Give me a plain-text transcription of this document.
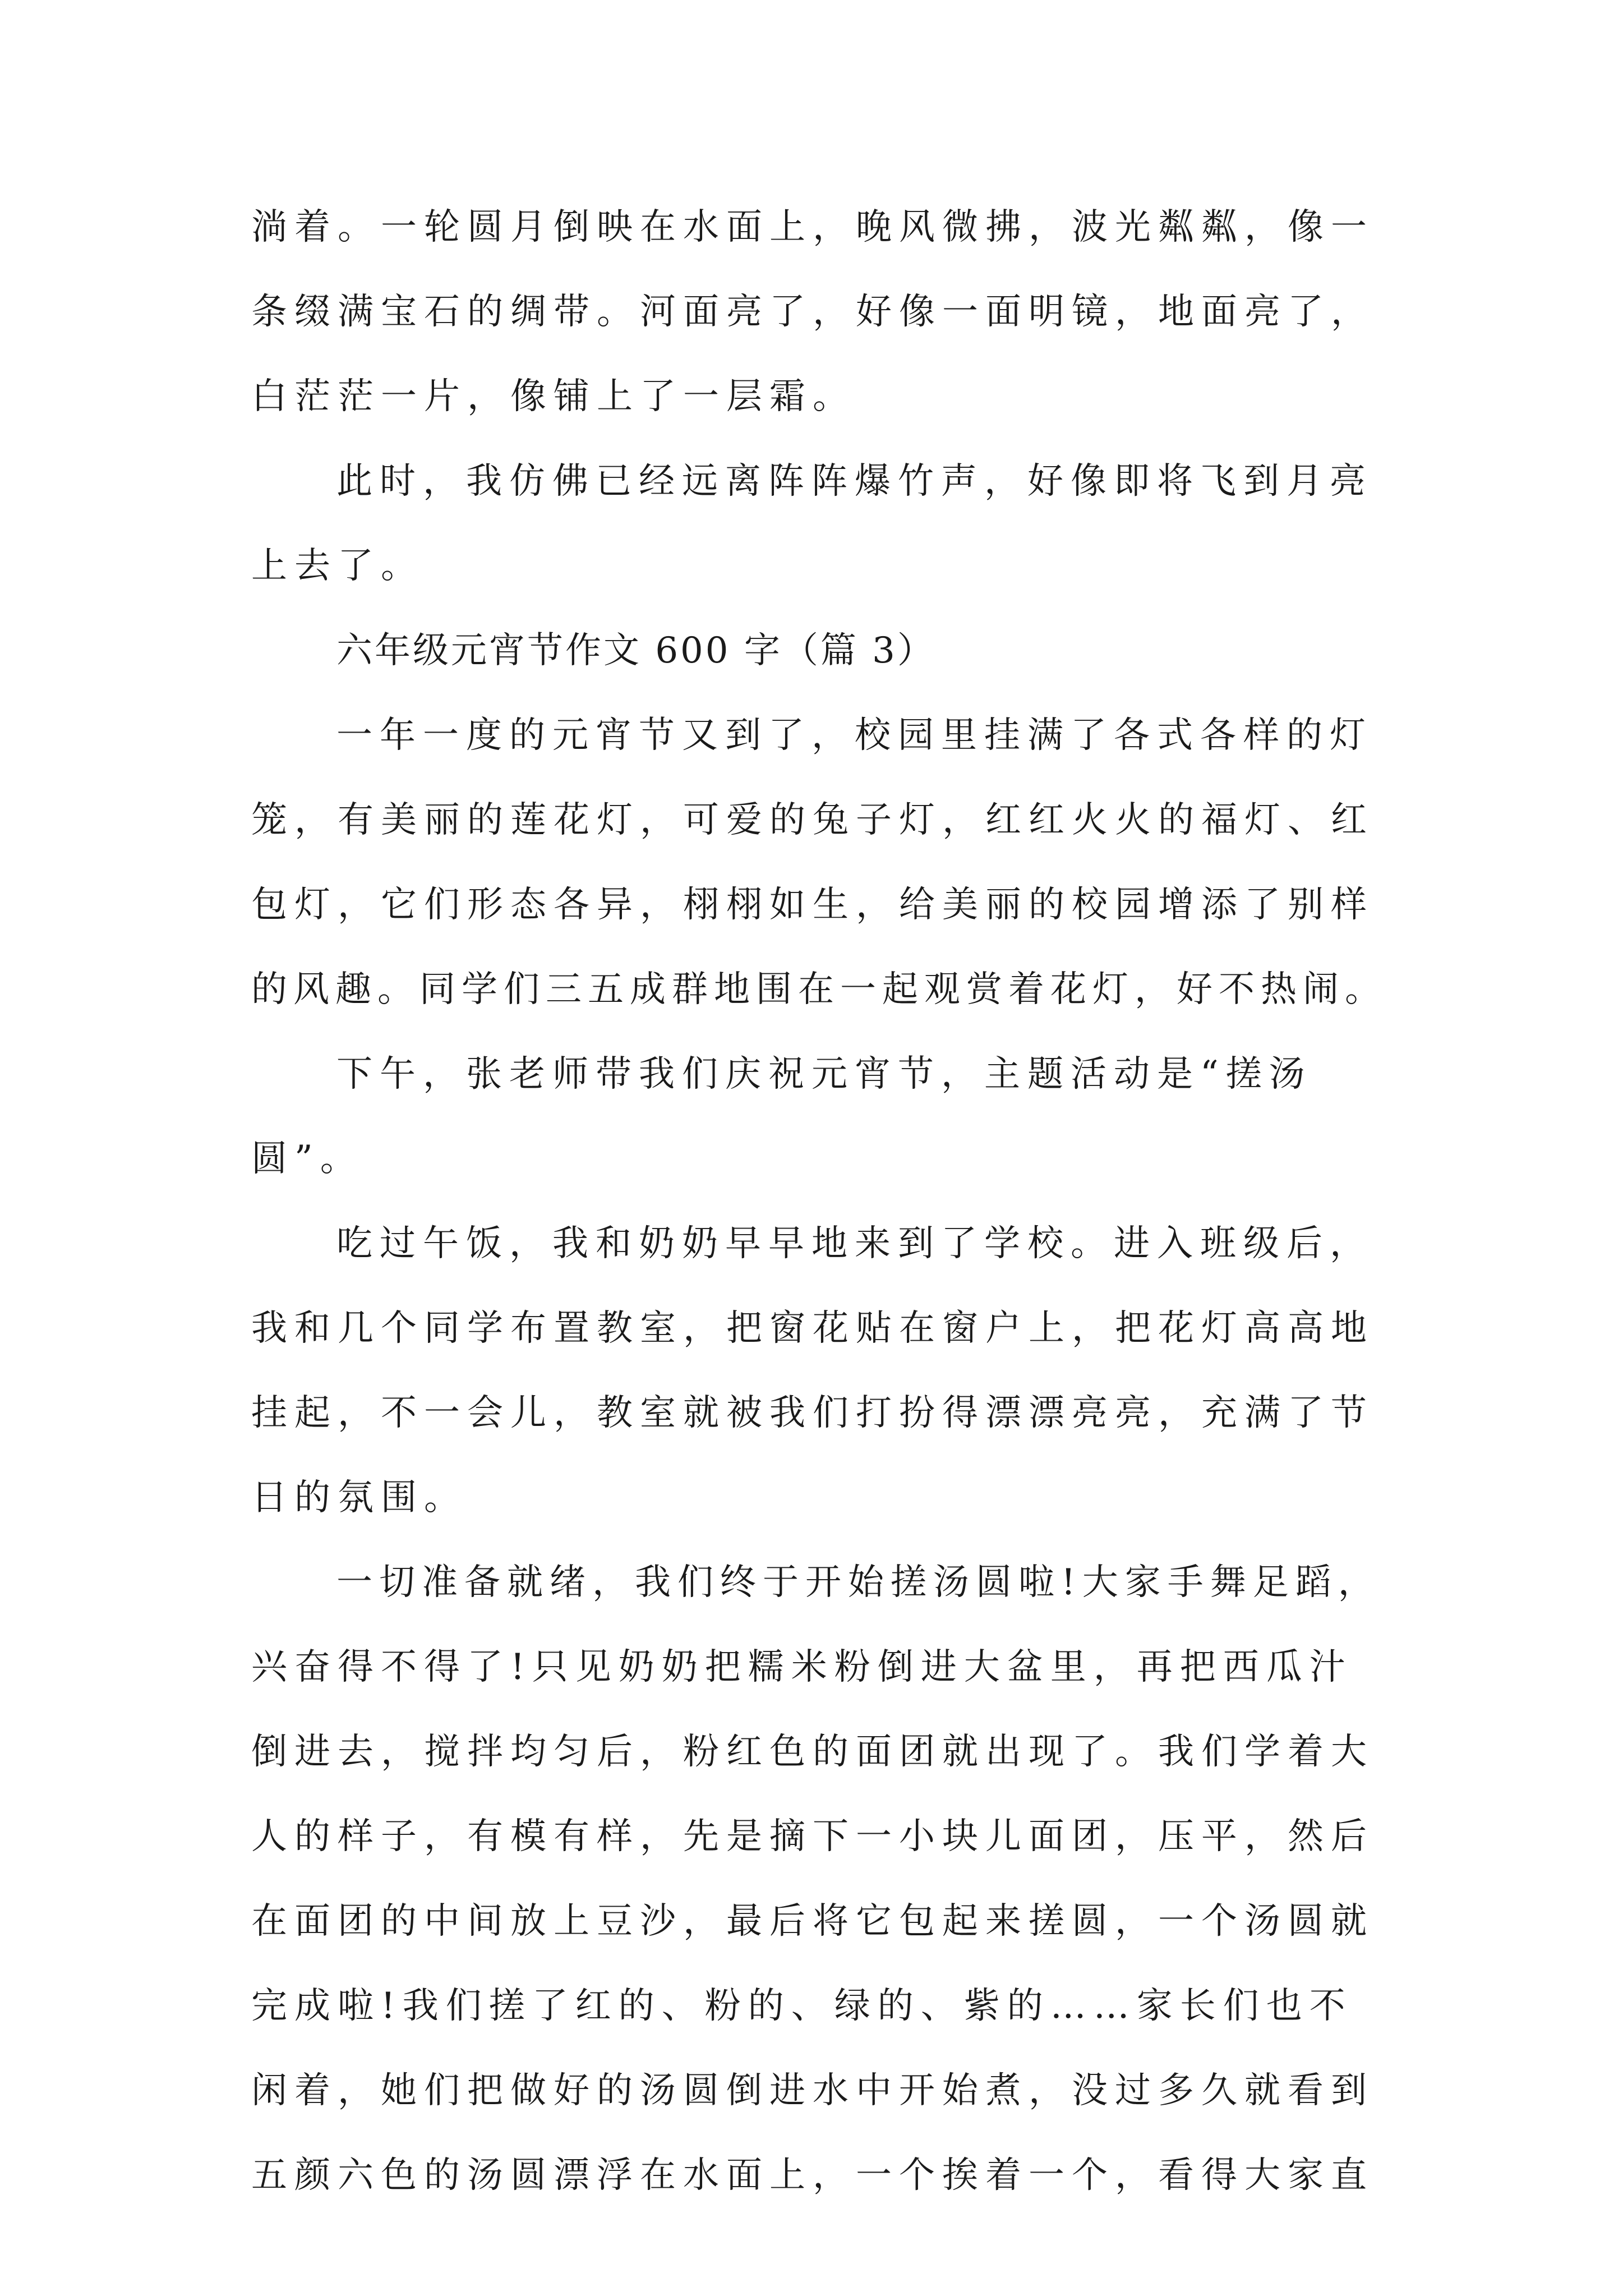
淌着。一轮圆月倒映在水面上，晚风微拂，波光粼粼，像一
条缀满宝石的绸带。河面亮了，好像一面明镜，地面亮了，
白茫茫一片，像铺上了一层霜。
此时，我仿佛已经远离阵阵爆竹声，好像即将飞到月亮
上去了。
六年级元宵节作文 600 字（篇 3）
一年一度的元宵节又到了，校园里挂满了各式各样的灯
笼，有美丽的莲花灯，可爱的兔子灯，红红火火的福灯、红
包灯，它们形态各异，栩栩如生，给美丽的校园增添了别样
的风趣。同学们三五成群地围在一起观赏着花灯，好不热闹。
下午，张老师带我们庆祝元宵节，主题活动是“搓汤
圆”。
吃过午饭，我和奶奶早早地来到了学校。进入班级后，
我和几个同学布置教室，把窗花贴在窗户上，把花灯高高地
挂起，不一会儿，教室就被我们打扮得漂漂亮亮，充满了节
日的氛围。
一切准备就绪，我们终于开始搓汤圆啦!大家手舞足蹈，
兴奋得不得了!只见奶奶把糯米粉倒进大盆里，再把西瓜汁
倒进去，搅拌均匀后，粉红色的面团就出现了。我们学着大
人的样子，有模有样，先是摘下一小块儿面团，压平，然后
在面团的中间放上豆沙，最后将它包起来搓圆，一个汤圆就
完成啦!我们搓了红的、粉的、绿的、紫的……家长们也不
闲着，她们把做好的汤圆倒进水中开始煮，没过多久就看到
五颜六色的汤圆漂浮在水面上，一个挨着一个，看得大家直
